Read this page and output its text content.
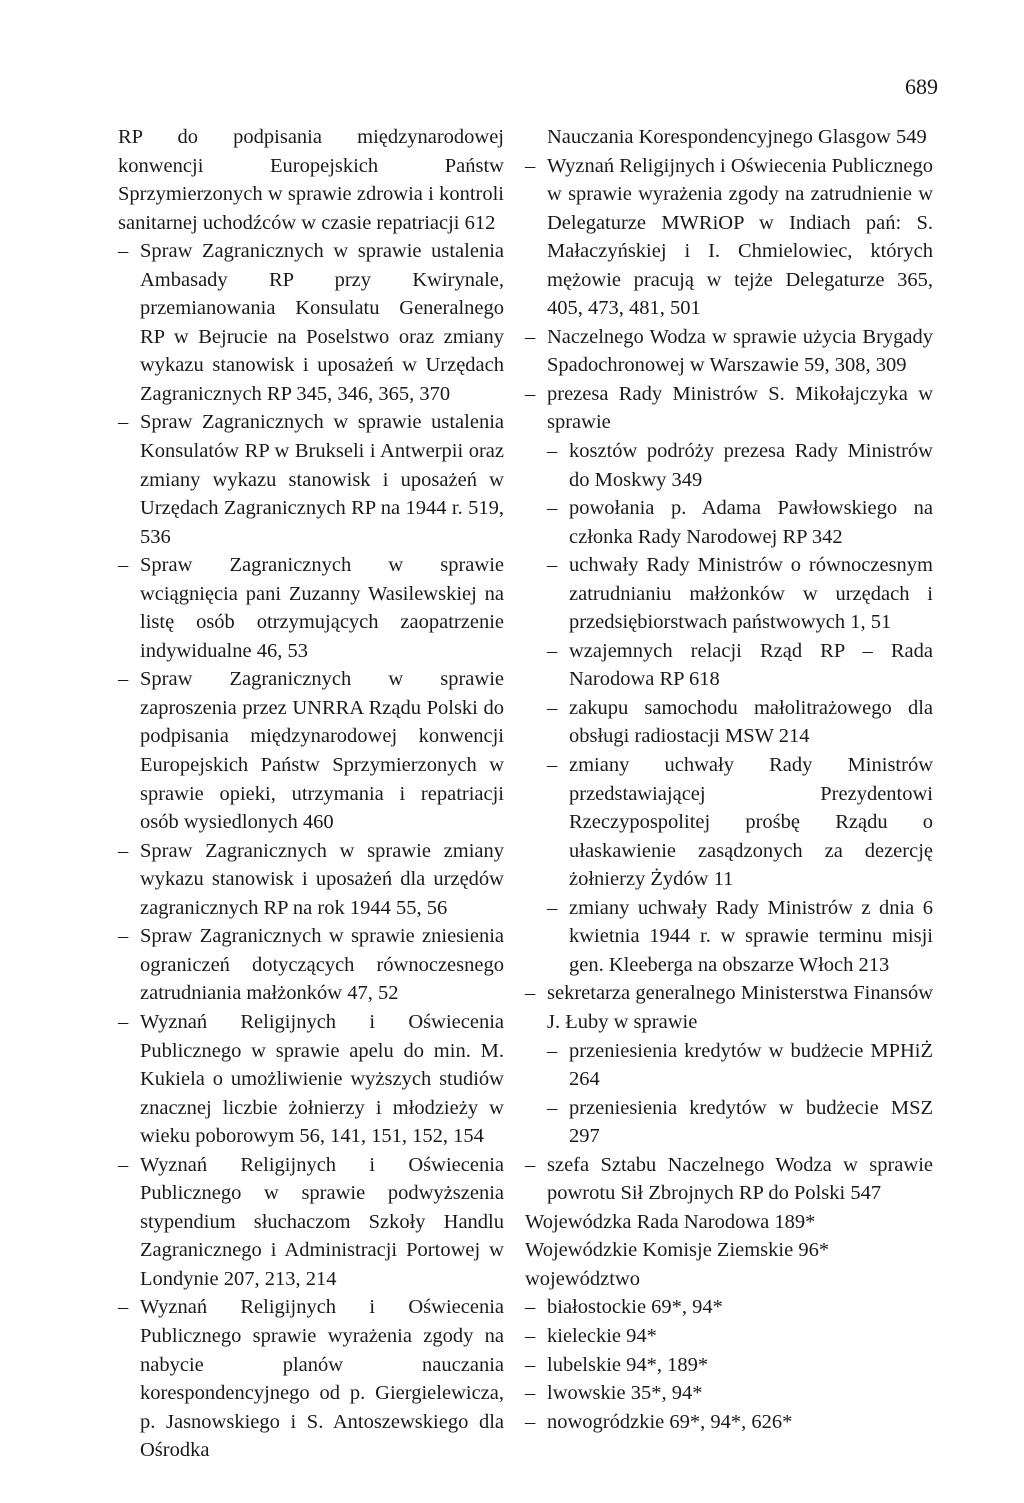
689
RP do podpisania międzynarodowej konwencji Europejskich Państw Sprzymierzonych w sprawie zdrowia i kontroli sanitarnej uchodźców w czasie repatriacji 612
– Spraw Zagranicznych w sprawie ustalenia Ambasady RP przy Kwirynale, przemianowania Konsulatu Generalnego RP w Bejrucie na Poselstwo oraz zmiany wykazu stanowisk i uposażeń w Urzędach Zagranicznych RP 345, 346, 365, 370
– Spraw Zagranicznych w sprawie ustalenia Konsulatów RP w Brukseli i Antwerpii oraz zmiany wykazu stanowisk i uposażeń w Urzędach Zagranicznych RP na 1944 r. 519, 536
– Spraw Zagranicznych w sprawie wciągnięcia pani Zuzanny Wasilewskiej na listę osób otrzymujących zaopatrzenie indywidualne 46, 53
– Spraw Zagranicznych w sprawie zaproszenia przez UNRRA Rządu Polski do podpisania międzynarodowej konwencji Europejskich Państw Sprzymierzonych w sprawie opieki, utrzymania i repatriacji osób wysiedlonych 460
– Spraw Zagranicznych w sprawie zmiany wykazu stanowisk i uposażeń dla urzędów zagranicznych RP na rok 1944 55, 56
– Spraw Zagranicznych w sprawie zniesienia ograniczeń dotyczących równoczesnego zatrudniania małżonków 47, 52
– Wyznań Religijnych i Oświecenia Publicznego w sprawie apelu do min. M. Kukiela o umożliwienie wyższych studiów znacznej liczbie żołnierzy i młodzieży w wieku poborowym 56, 141, 151, 152, 154
– Wyznań Religijnych i Oświecenia Publicznego w sprawie podwyższenia stypendium słuchaczom Szkoły Handlu Zagranicznego i Administracji Portowej w Londynie 207, 213, 214
– Wyznań Religijnych i Oświecenia Publicznego sprawie wyrażenia zgody na nabycie planów nauczania korespondencyjnego od p. Giergielewicza, p. Jasnowskiego i S. Antoszewskiego dla Ośrodka
Nauczania Korespondencyjnego Glasgow 549
– Wyznań Religijnych i Oświecenia Publicznego w sprawie wyrażenia zgody na zatrudnienie w Delegaturze MWRiOP w Indiach pań: S. Małaczyńskiej i I. Chmielowiec, których mężowie pracują w tejże Delegaturze 365, 405, 473, 481, 501
– Naczelnego Wodza w sprawie użycia Brygady Spadochronowej w Warszawie 59, 308, 309
– prezesa Rady Ministrów S. Mikołajczyka w sprawie
– kosztów podróży prezesa Rady Ministrów do Moskwy 349
– powołania p. Adama Pawłowskiego na członka Rady Narodowej RP 342
– uchwały Rady Ministrów o równoczesnym zatrudnianiu małżonków w urzędach i przedsiębiorstwach państwowych 1, 51
– wzajemnych relacji Rząd RP – Rada Narodowa RP 618
– zakupu samochodu małolitrażowego dla obsługi radiostacji MSW 214
– zmiany uchwały Rady Ministrów przedstawiającej Prezydentowi Rzeczypospolitej prośbę Rządu o ułaskawienie zasądzonych za dezercję żołnierzy Żydów 11
– zmiany uchwały Rady Ministrów z dnia 6 kwietnia 1944 r. w sprawie terminu misji gen. Kleeberga na obszarze Włoch 213
– sekretarza generalnego Ministerstwa Finansów J. Łuby w sprawie
– przeniesienia kredytów w budżecie MPHiŻ 264
– przeniesienia kredytów w budżecie MSZ 297
– szefa Sztabu Naczelnego Wodza w sprawie powrotu Sił Zbrojnych RP do Polski 547
Wojewódzka Rada Narodowa 189*
Wojewódzkie Komisje Ziemskie 96*
województwo
– białostockie 69*, 94*
– kieleckie 94*
– lubelskie 94*, 189*
– lwowskie 35*, 94*
– nowogródzkie 69*, 94*, 626*
